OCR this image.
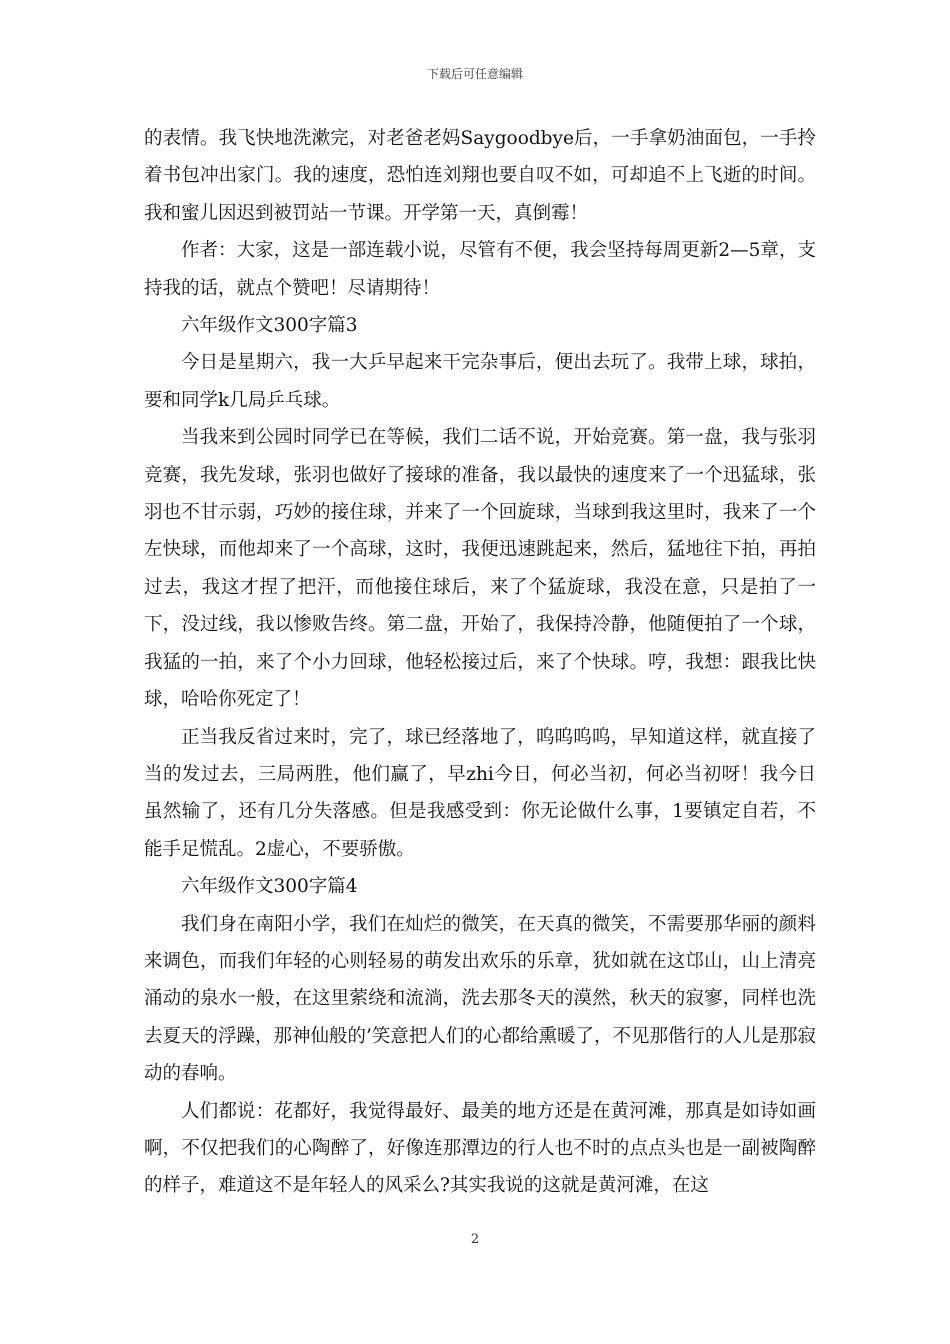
下载后可任意编辑

的表情。我飞快地洗漱完，对老爸老妈Saygoodbye后，一手拿奶油面包，一手拎着书包冲出家门。我的速度，恐怕连刘翔也要自叹不如，可却追不上飞逝的时间。我和蜜儿因迟到被罚站一节课。开学第一天，真倒霉！

作者：大家，这是一部连载小说，尽管有不便，我会坚持每周更新2—5章，支持我的话，就点个赞吧！尽请期待！

六年级作文300字篇3

今日是星期六，我一大乒早起来干完杂事后，便出去玩了。我带上球，球拍，要和同学k几局乒乓球。

当我来到公园时同学已在等候，我们二话不说，开始竞赛。第一盘，我与张羽竞赛，我先发球，张羽也做好了接球的准备，我以最快的速度来了一个迅猛球，张羽也不甘示弱，巧妙的接住球，并来了一个回旋球，当球到我这里时，我来了一个左快球，而他却来了一个高球，这时，我便迅速跳起来，然后，猛地往下拍，再拍过去，我这才捏了把汗，而他接住球后，来了个猛旋球，我没在意，只是拍了一下，没过线，我以惨败告终。第二盘，开始了，我保持冷静，他随便拍了一个球，我猛的一拍，来了个小力回球，他轻松接过后，来了个快球。哼，我想：跟我比快球，哈哈你死定了！

正当我反省过来时，完了，球已经落地了，呜呜呜呜，早知道这样，就直接了当的发过去，三局两胜，他们赢了，早zhi今日，何必当初，何必当初呀！我今日虽然输了，还有几分失落感。但是我感受到：你无论做什么事，1要镇定自若，不能手足慌乱。2虚心，不要骄傲。

六年级作文300字篇4

我们身在南阳小学，我们在灿烂的微笑，在天真的微笑，不需要那华丽的颜料来调色，而我们年轻的心则轻易的萌发出欢乐的乐章，犹如就在这邙山，山上清亮涌动的泉水一般，在这里萦绕和流淌，洗去那冬天的漠然，秋天的寂寥，同样也洗去夏天的浮躁，那神仙般的’笑意把人们的心都给熏暖了，不见那偕行的人儿是那寂动的春响。

人们都说：花都好，我觉得最好、最美的地方还是在黄河滩，那真是如诗如画啊，不仅把我们的心陶醉了，好像连那潭边的行人也不时的点点头也是一副被陶醉的样子，难道这不是年轻人的风采么?其实我说的这就是黄河滩，在这

2
